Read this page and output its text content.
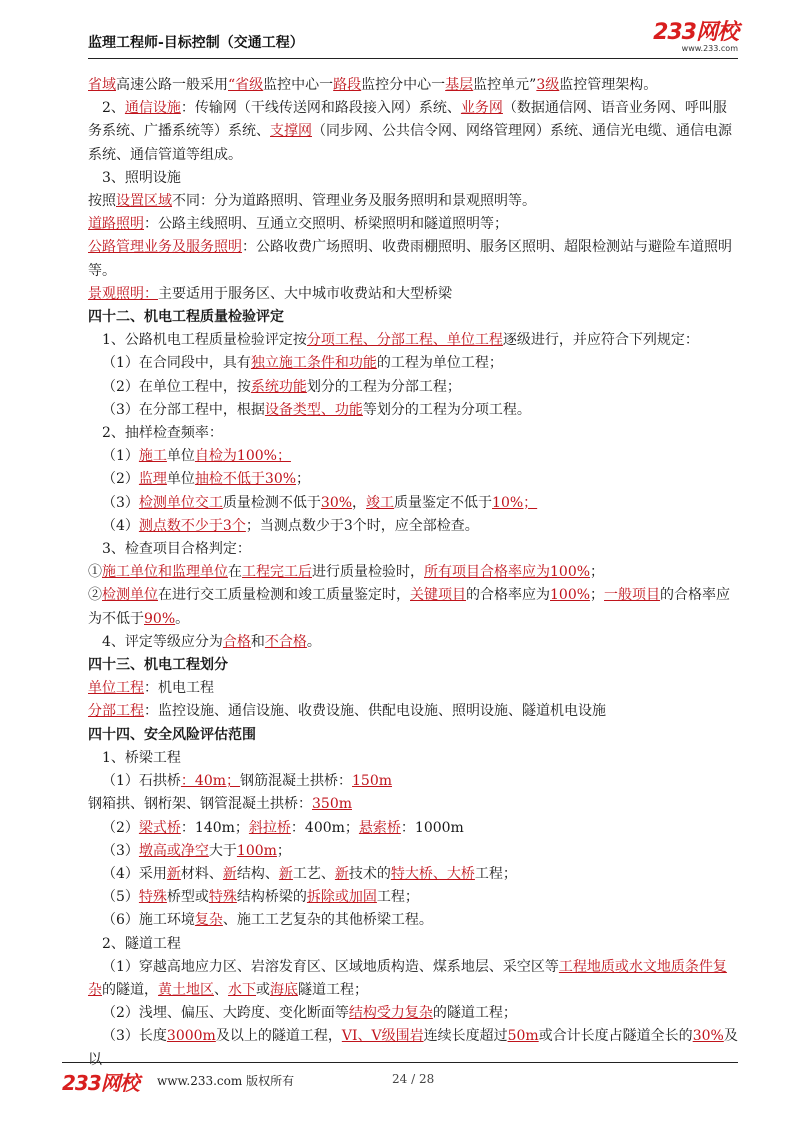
监理工程师-目标控制（交通工程）	233网校
www.233.com

省域高速公路一般采用“省级监控中心一路段监控分中心一基层监控单元”3级监控管理架构。

2、通信设施：传输网（干线传送网和路段接入网）系统、业务网（数据通信网、语音业务网、呼叫服务系统、广播系统等）系统、支撑网（同步网、公共信令网、网络管理网）系统、通信光电缆、通信电源系统、通信管道等组成。

3、照明设施

按照设置区域不同：分为道路照明、管理业务及服务照明和景观照明等。

道路照明：公路主线照明、互通立交照明、桥梁照明和隧道照明等；

公路管理业务及服务照明：公路收费广场照明、收费雨棚照明、服务区照明、超限检测站与避险车道照明等。

景观照明：主要适用于服务区、大中城市收费站和大型桥梁

四十二、机电工程质量检验评定

1、公路机电工程质量检验评定按分项工程、分部工程、单位工程逐级进行，并应符合下列规定：

（1）在合同段中，具有独立施工条件和功能的工程为单位工程；

（2）在单位工程中，按系统功能划分的工程为分部工程；

（3）在分部工程中，根据设备类型、功能等划分的工程为分项工程。

2、抽样检查频率：

（1）施工单位自检为100%；

（2）监理单位抽检不低于30%；

（3）检测单位交工质量检测不低于30%，竣工质量鉴定不低于10%；

（4）测点数不少于3个；当测点数少于3个时，应全部检查。

3、检查项目合格判定：

①施工单位和监理单位在工程完工后进行质量检验时，所有项目合格率应为100%；

②检测单位在进行交工质量检测和竣工质量鉴定时，关键项目的合格率应为100%；一般项目的合格率应为不低于90%。

4、评定等级应分为合格和不合格。

四十三、机电工程划分

单位工程：机电工程

分部工程：监控设施、通信设施、收费设施、供配电设施、照明设施、隧道机电设施

四十四、安全风险评估范围

1、桥梁工程

（1）石拱桥：40m；钢筋混凝土拱桥：150m

钢箱拱、钢桁架、钢管混凝土拱桥：350m

（2）梁式桥：140m；斜拉桥：400m；悬索桥：1000m

（3）墩高或净空大于100m；

（4）采用新材料、新结构、新工艺、新技术的特大桥、大桥工程；

（5）特殊桥型或特殊结构桥梁的拆除或加固工程；

（6）施工环境复杂、施工工艺复杂的其他桥梁工程。

2、隧道工程

（1）穿越高地应力区、岩溶发育区、区域地质构造、煤系地层、采空区等工程地质或水文地质条件复杂的隧道，黄土地区、水下或海底隧道工程；

（2）浅埋、偏压、大跨度、变化断面等结构受力复杂的隧道工程；

（3）长度3000m及以上的隧道工程，VI、V级围岩连续长度超过50m或合计长度占隧道全长的30%及以

233网校 www.233.com 版权所有	24 / 28
